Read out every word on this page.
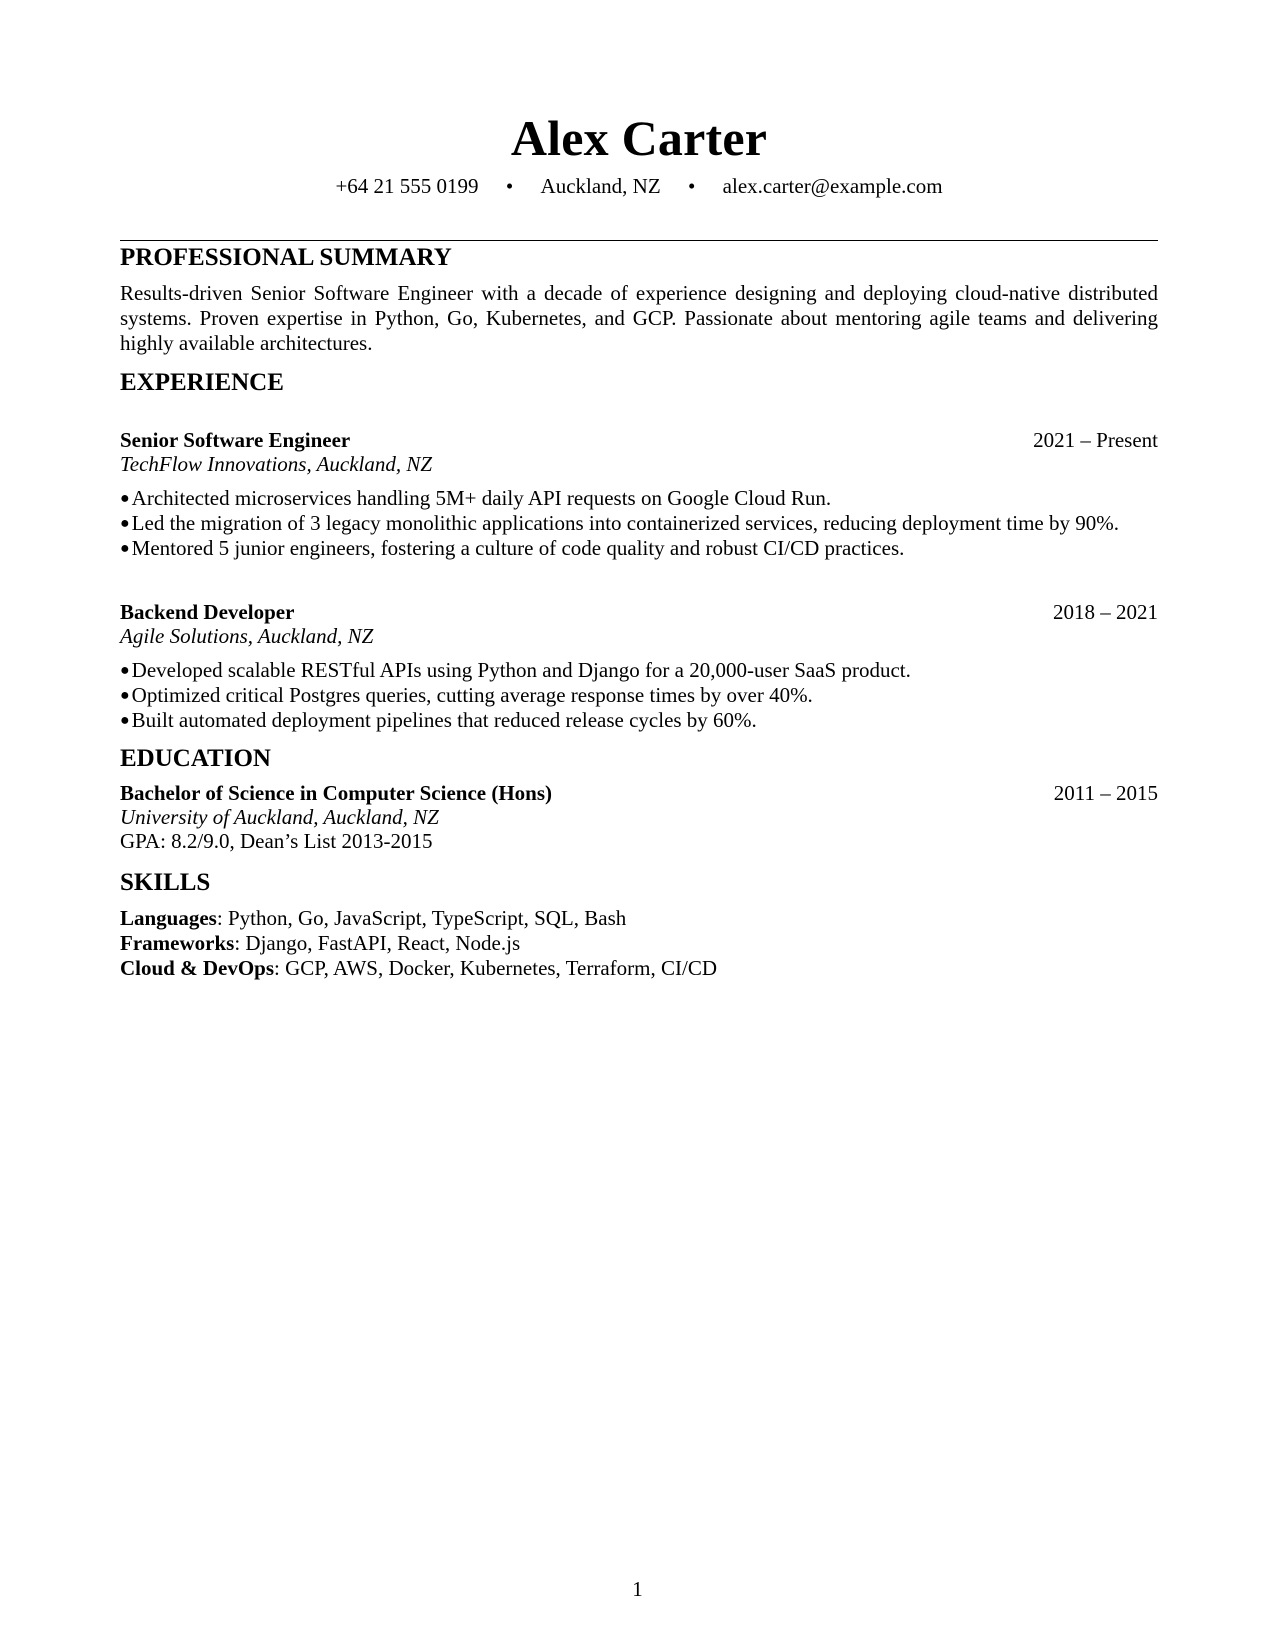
Alex Carter
+64 21 555 0199 • Auckland, NZ • alex.carter@example.com
PROFESSIONAL SUMMARY
Results-driven Senior Software Engineer with a decade of experience designing and deploying cloud-native distributed systems. Proven expertise in Python, Go, Kubernetes, and GCP. Passionate about mentoring agile teams and delivering highly available architectures.
EXPERIENCE
Senior Software Engineer	2021 – Present
TechFlow Innovations, Auckland, NZ
●Architected microservices handling 5M+ daily API requests on Google Cloud Run.
●Led the migration of 3 legacy monolithic applications into containerized services, reducing deployment time by 90%.
●Mentored 5 junior engineers, fostering a culture of code quality and robust CI/CD practices.
Backend Developer	2018 – 2021
Agile Solutions, Auckland, NZ
●Developed scalable RESTful APIs using Python and Django for a 20,000-user SaaS product.
●Optimized critical Postgres queries, cutting average response times by over 40%.
●Built automated deployment pipelines that reduced release cycles by 60%.
EDUCATION
Bachelor of Science in Computer Science (Hons)	2011 – 2015
University of Auckland, Auckland, NZ
GPA: 8.2/9.0, Dean’s List 2013-2015
SKILLS
Languages: Python, Go, JavaScript, TypeScript, SQL, Bash
Frameworks: Django, FastAPI, React, Node.js
Cloud & DevOps: GCP, AWS, Docker, Kubernetes, Terraform, CI/CD
1
